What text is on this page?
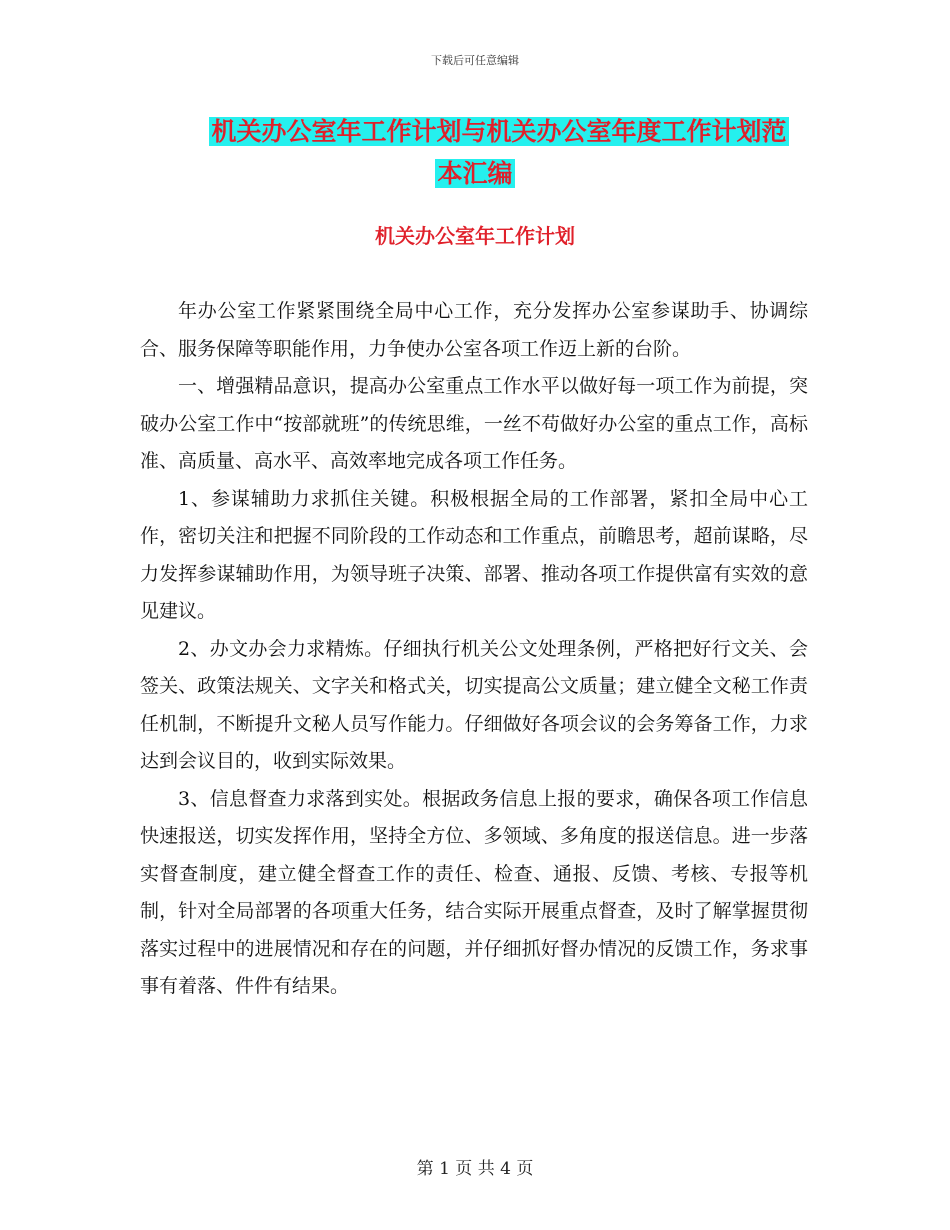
下载后可任意编辑
机关办公室年工作计划与机关办公室年度工作计划范
本汇编
机关办公室年工作计划

年办公室工作紧紧围绕全局中心工作，充分发挥办公室参谋助手、协调综合、服务保障等职能作用，力争使办公室各项工作迈上新的台阶。

一、增强精品意识，提高办公室重点工作水平以做好每一项工作为前提，突破办公室工作中“按部就班”的传统思维，一丝不苟做好办公室的重点工作，高标准、高质量、高水平、高效率地完成各项工作任务。

1、参谋辅助力求抓住关键。积极根据全局的工作部署，紧扣全局中心工作，密切关注和把握不同阶段的工作动态和工作重点，前瞻思考，超前谋略，尽力发挥参谋辅助作用，为领导班子决策、部署、推动各项工作提供富有实效的意见建议。

2、办文办会力求精炼。仔细执行机关公文处理条例，严格把好行文关、会签关、政策法规关、文字关和格式关，切实提高公文质量；建立健全文秘工作责任机制，不断提升文秘人员写作能力。仔细做好各项会议的会务筹备工作，力求达到会议目的，收到实际效果。

3、信息督查力求落到实处。根据政务信息上报的要求，确保各项工作信息快速报送，切实发挥作用，坚持全方位、多领域、多角度的报送信息。进一步落实督查制度，建立健全督查工作的责任、检查、通报、反馈、考核、专报等机制，针对全局部署的各项重大任务，结合实际开展重点督查，及时了解掌握贯彻落实过程中的进展情况和存在的问题，并仔细抓好督办情况的反馈工作，务求事事有着落、件件有结果。

第 1 页 共 4 页
